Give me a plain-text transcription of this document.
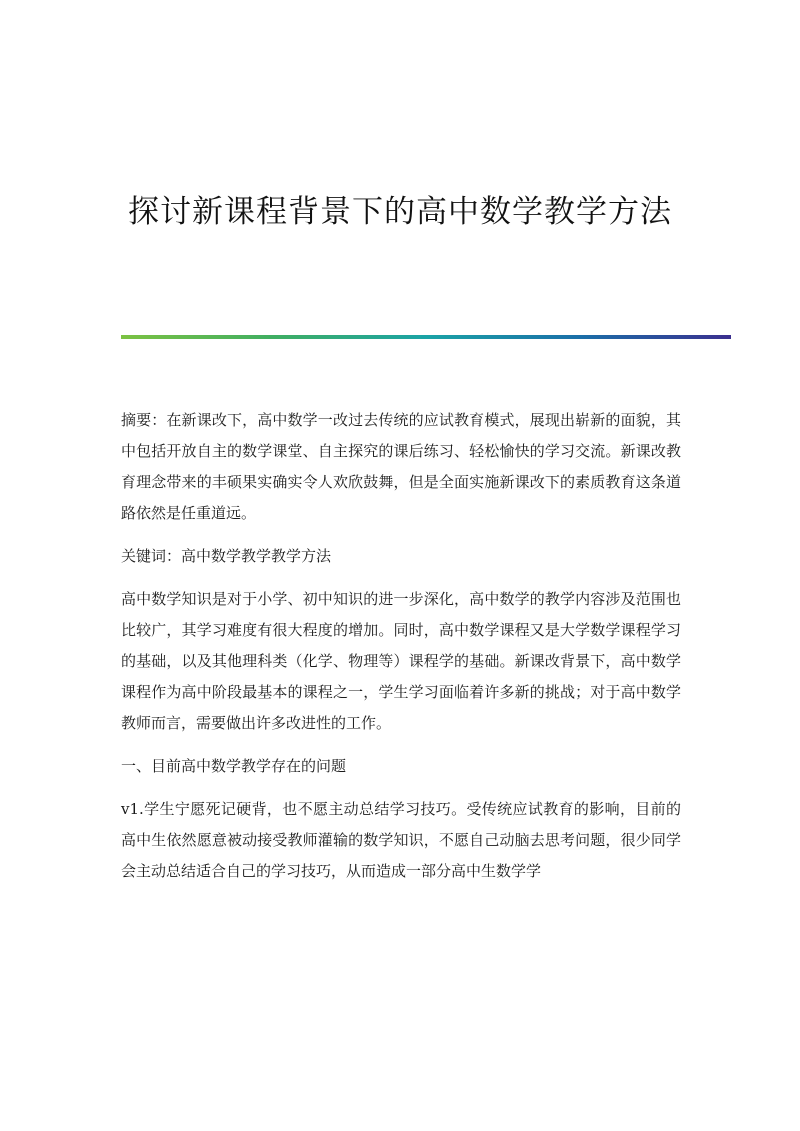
探讨新课程背景下的高中数学教学方法

摘要：在新课改下，高中数学一改过去传统的应试教育模式，展现出崭新的面貌，其中包括开放自主的数学课堂、自主探究的课后练习、轻松愉快的学习交流。新课改教育理念带来的丰硕果实确实令人欢欣鼓舞，但是全面实施新课改下的素质教育这条道路依然是任重道远。

关键词：高中数学教学教学方法

高中数学知识是对于小学、初中知识的进一步深化，高中数学的教学内容涉及范围也比较广，其学习难度有很大程度的增加。同时，高中数学课程又是大学数学课程学习的基础，以及其他理科类（化学、物理等）课程学的基础。新课改背景下，高中数学课程作为高中阶段最基本的课程之一，学生学习面临着许多新的挑战；对于高中数学教师而言，需要做出许多改进性的工作。

一、目前高中数学教学存在的问题

v1.学生宁愿死记硬背，也不愿主动总结学习技巧。受传统应试教育的影响，目前的高中生依然愿意被动接受教师灌输的数学知识，不愿自己动脑去思考问题，很少同学会主动总结适合自己的学习技巧，从而造成一部分高中生数学学
